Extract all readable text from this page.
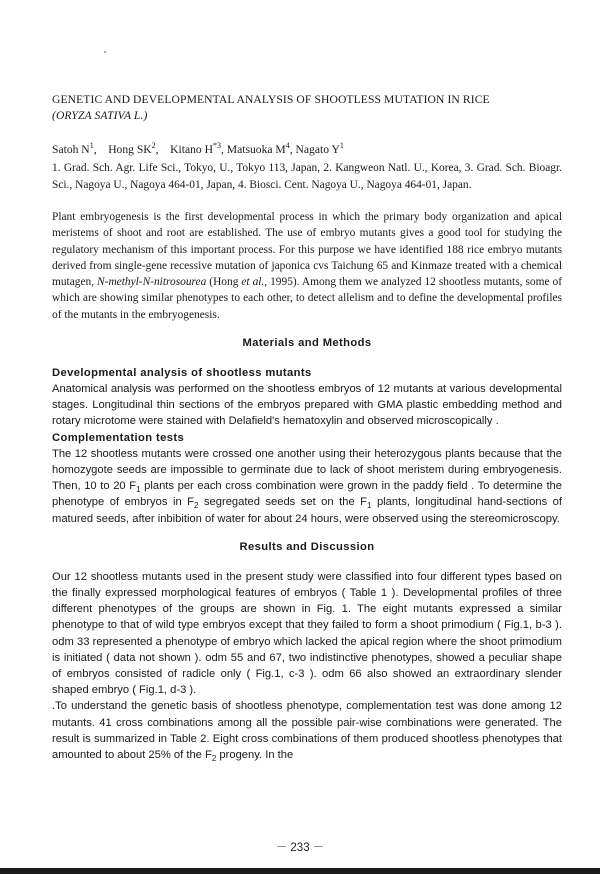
GENETIC AND DEVELOPMENTAL ANALYSIS OF SHOOTLESS MUTATION IN RICE
(ORYZA SATIVA L.)
Satoh $N^1$,    Hong $SK^2$,    Kitano $H^{*3}$, Matsuoka $M^4$, Nagato $Y^1$
1. Grad. Sch. Agr. Life Sci., Tokyo, U., Tokyo 113, Japan, 2. Kangweon Natl. U., Korea, 3. Grad. Sch. Bioagr. Sci., Nagoya U., Nagoya 464-01, Japan, 4. Biosci. Cent. Nagoya U., Nagoya 464-01, Japan.

Plant embryogenesis is the first developmental process in which the primary body organization and apical meristems of shoot and root are established. The use of embryo mutants gives a good tool for studying the regulatory mechanism of this important process. For this purpose we have identified 188 rice embryo mutants derived from single-gene recessive mutation of japonica cvs Taichung 65 and Kinmaze treated with a chemical mutagen, N-methyl-N-nitrosourea (Hong et al., 1995). Among them we analyzed 12 shootless mutants, some of which are showing similar phenotypes to each other, to detect allelism and to define the developmental profiles of the mutants in the embryogenesis.

Materials and Methods
Developmental analysis of shootless mutants

Anatomical analysis was performed on the shootless embryos of 12 mutants at various developmental stages. Longitudinal thin sections of the embryos prepared with GMA plastic embedding method and rotary microtome were stained with Delafield's hematoxylin and observed microscopically .

Complementation tests

The 12 shootless mutants were crossed one another using their heterozygous plants because that the homozygote seeds are impossible to germinate due to lack of shoot meristem during embryogenesis. Then, 10 to 20 $F_1$ plants per each cross combination were grown in the paddy field . To determine the phenotype of embryos in $F_2$ segregated seeds set on the $F_1$ plants, longitudinal hand-sections of matured seeds, after inbibition of water for about 24 hours, were observed using the stereomicroscopy.

Results and Discussion

Our 12 shootless mutants used in the present study were classified into four different types based on the finally expressed morphological features of embryos ( Table 1 ). Developmental profiles of three different phenotypes of the groups are shown in Fig. 1. The eight mutants expressed a similar phenotype to that of wild type embryos except that they failed to form a shoot primodium ( Fig.1, b-3 ). odm 33 represented a phenotype of embryo which lacked the apical region where the shoot primodium is initiated ( data not shown ). odm 55 and 67, two indistinctive phenotypes, showed a peculiar shape of embryos consisted of radicle only ( Fig.1, c-3 ). odm 66 also showed an extraordinary slender shaped embryo ( Fig.1, d-3 ).

.To understand the genetic basis of shootless phenotype, complementation test was done among 12 mutants. 41 cross combinations among all the possible pair-wise combinations were generated. The result is summarized in Table 2. Eight cross combinations of them produced shootless phenotypes that amounted to about 25% of the $F_2$ progeny. In the

－ 233 －
